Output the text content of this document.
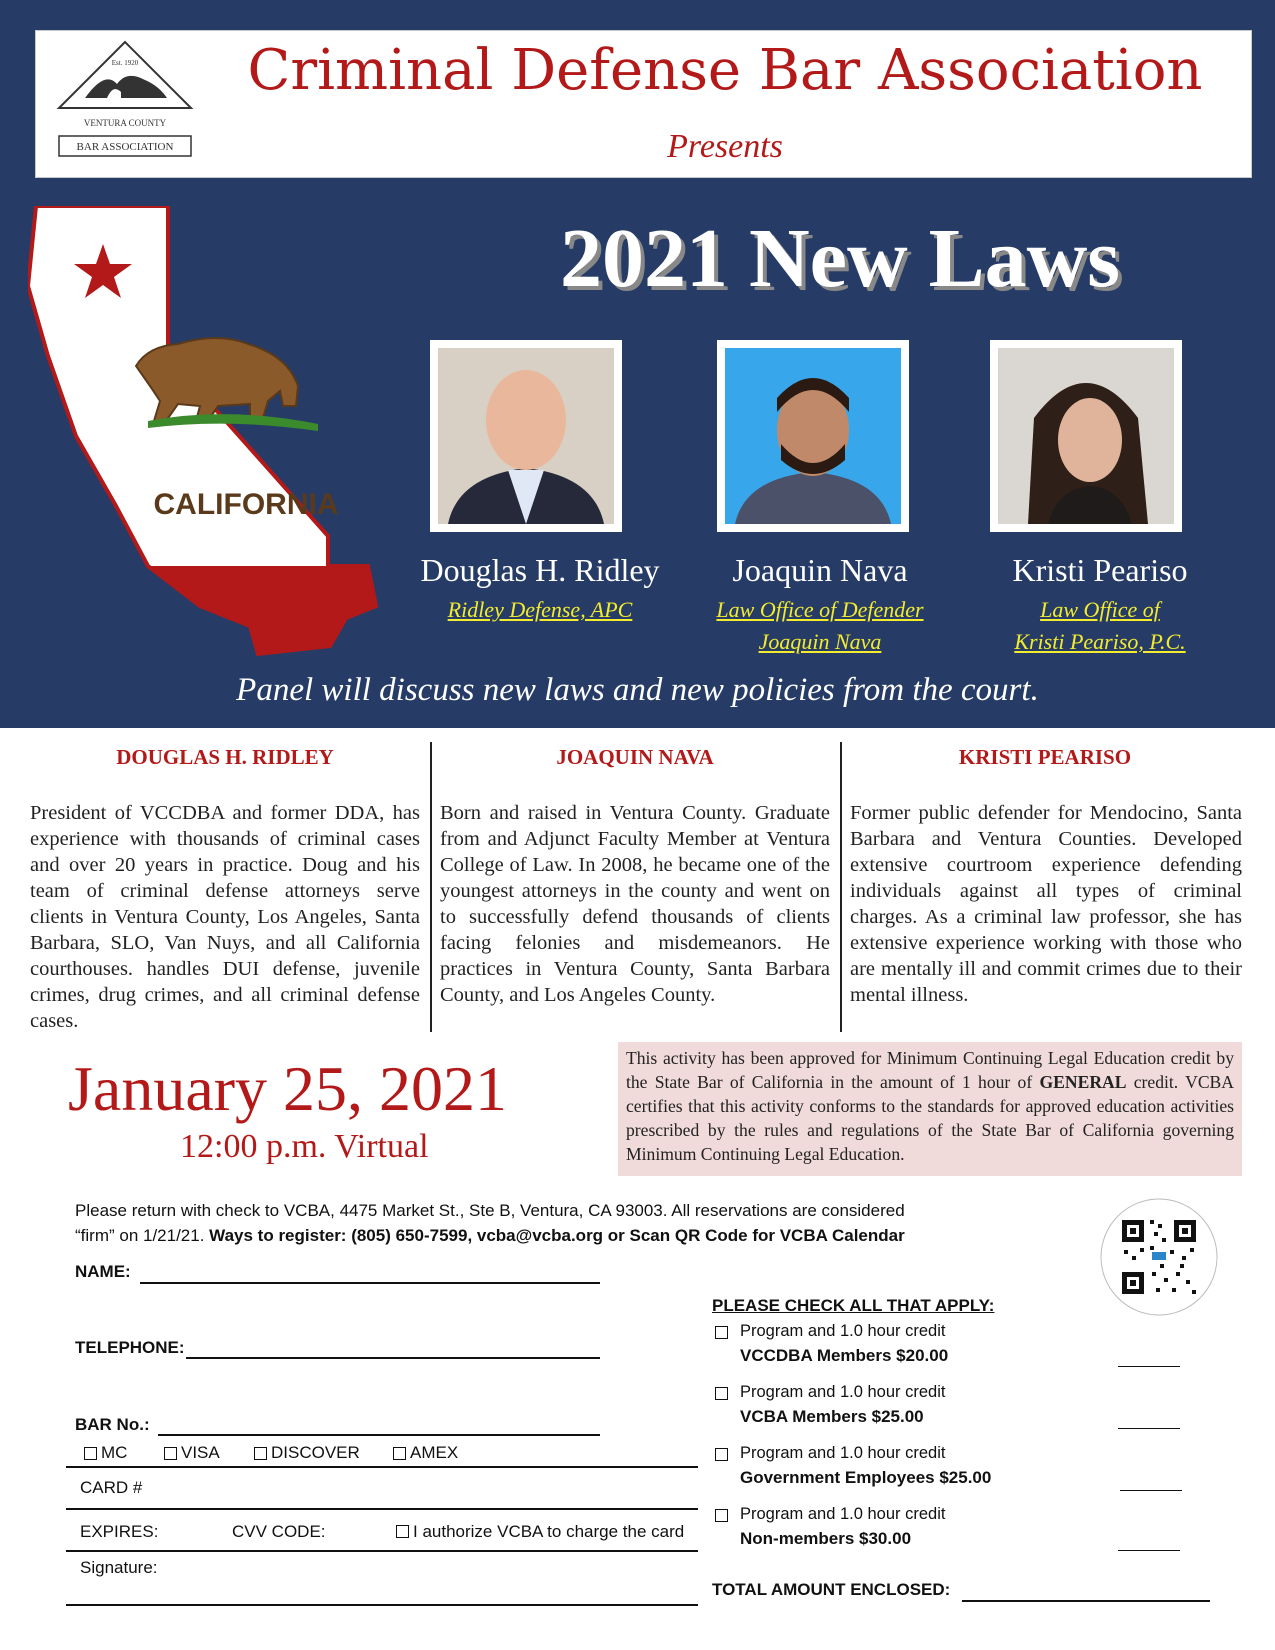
BAR ASSOCIATION
Est. 1920
VENTURA COUNTY
Criminal Defense Bar Association
Presents
CALIFORNIA
2021 New Laws
Douglas H. Ridley	Joaquin Nava	Kristi Peariso
Ridley Defense, APC	Law Office of Defender
Joaquin Nava
Law Office of
Kristi Peariso, P.C.
Panel will discuss new laws and new policies from the court.
DOUGLAS H. RIDLEY	JOAQUIN NAVA	KRISTI PEARISO
President of VCCDBA and former DDA, has experience with thousands of criminal cases and over 20 years in practice. Doug and his team of criminal defense attorneys serve clients in Ventura County, Los Angeles, Santa Barbara, SLO, Van Nuys, and all California courthouses. handles DUI defense, juvenile crimes, drug crimes, and all criminal defense cases.
Born and raised in Ventura County. Graduate from and Adjunct Faculty Member at Ventura College of Law. In 2008, he became one of the youngest attorneys in the county and went on to successfully defend thousands of clients facing felonies and misdemeanors. He practices in Ventura County, Santa Barbara County, and Los Angeles County.
Former public defender for Mendocino, Santa Barbara and Ventura Counties. Developed extensive courtroom experience defending individuals against all types of criminal charges. As a criminal law professor, she has extensive experience working with those who are mentally ill and commit crimes due to their mental illness.
January 25, 2021
12:00 p.m. Virtual
This activity has been approved for Minimum Continuing Legal Education credit by the State Bar of California in the amount of 1 hour of GENERAL credit. VCBA certifies that this activity conforms to the standards for approved education activities prescribed by the rules and regulations of the State Bar of California governing Minimum Continuing Legal Education.
Please return with check to VCBA, 4475 Market St., Ste B, Ventura, CA 93003. All reservations are considered
“firm” on 1/21/21. Ways to register: (805) 650-7599, vcba@vcba.org or Scan QR Code for VCBA Calendar
NAME:
TELEPHONE:
BAR No.:
MC	VISA	DISCOVER	AMEX
CARD #
EXPIRES:	CVV CODE:	I authorize VCBA to charge the card
Signature:
PLEASE CHECK ALL THAT APPLY:
Program and 1.0 hour credit
VCCDBA Members $20.00
Program and 1.0 hour credit
VCBA Members $25.00
Program and 1.0 hour credit
Government Employees $25.00
Program and 1.0 hour credit
Non-members $30.00
TOTAL AMOUNT ENCLOSED:
